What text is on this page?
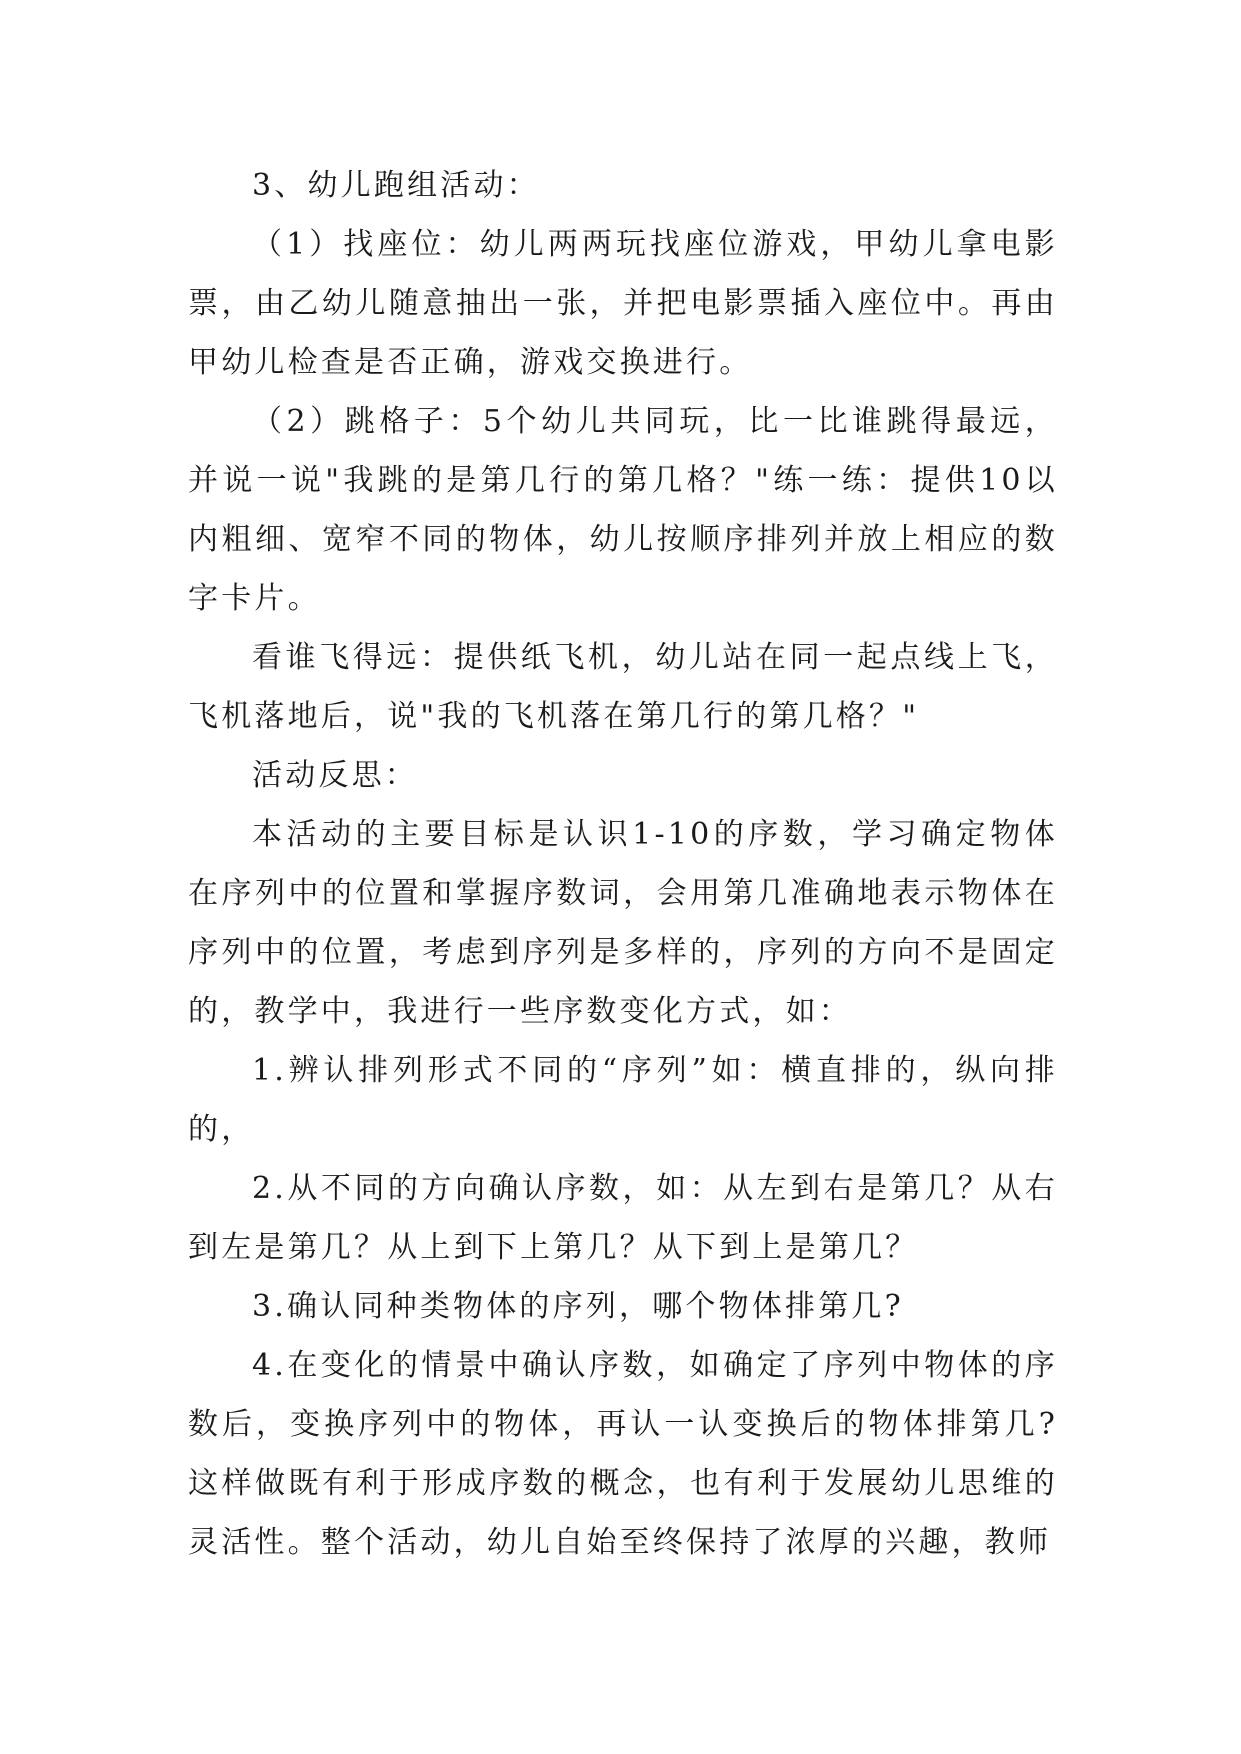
3、幼儿跑组活动：

（1）找座位：幼儿两两玩找座位游戏，甲幼儿拿电影票，由乙幼儿随意抽出一张，并把电影票插入座位中。再由甲幼儿检查是否正确，游戏交换进行。

（2）跳格子：5个幼儿共同玩，比一比谁跳得最远，并说一说"我跳的是第几行的第几格？"练一练：提供10以内粗细、宽窄不同的物体，幼儿按顺序排列并放上相应的数字卡片。

看谁飞得远：提供纸飞机，幼儿站在同一起点线上飞，飞机落地后，说"我的飞机落在第几行的第几格？"

活动反思：

本活动的主要目标是认识1-10的序数，学习确定物体在序列中的位置和掌握序数词，会用第几准确地表示物体在序列中的位置，考虑到序列是多样的，序列的方向不是固定的，教学中，我进行一些序数变化方式，如：

1.辨认排列形式不同的“序列”如：横直排的，纵向排的，

2.从不同的方向确认序数，如：从左到右是第几？从右到左是第几？从上到下上第几？从下到上是第几？

3.确认同种类物体的序列，哪个物体排第几?

4.在变化的情景中确认序数，如确定了序列中物体的序数后，变换序列中的物体，再认一认变换后的物体排第几?这样做既有利于形成序数的概念，也有利于发展幼儿思维的灵活性。整个活动，幼儿自始至终保持了浓厚的兴趣，教师
